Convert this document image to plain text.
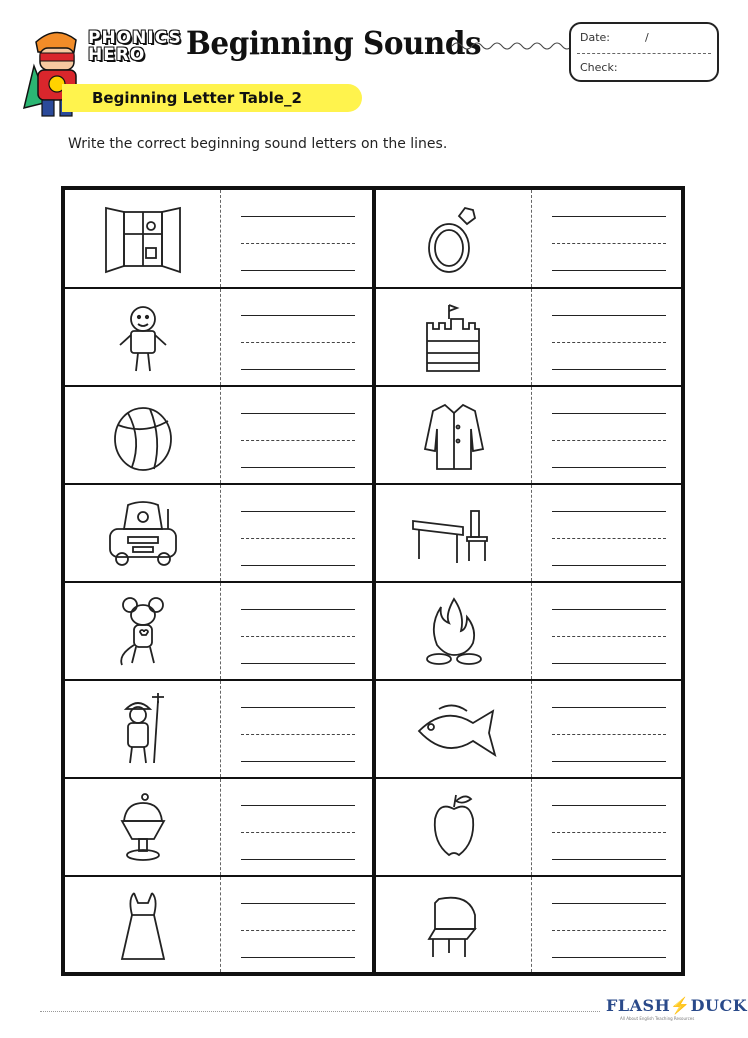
PHONICS
HERO	Beginning Sounds	Date:	/
Check:
Beginning Letter Table_2
Write the correct beginning sound letters on the lines.
FLASH⚡DUCK
All About English Teaching Resources
